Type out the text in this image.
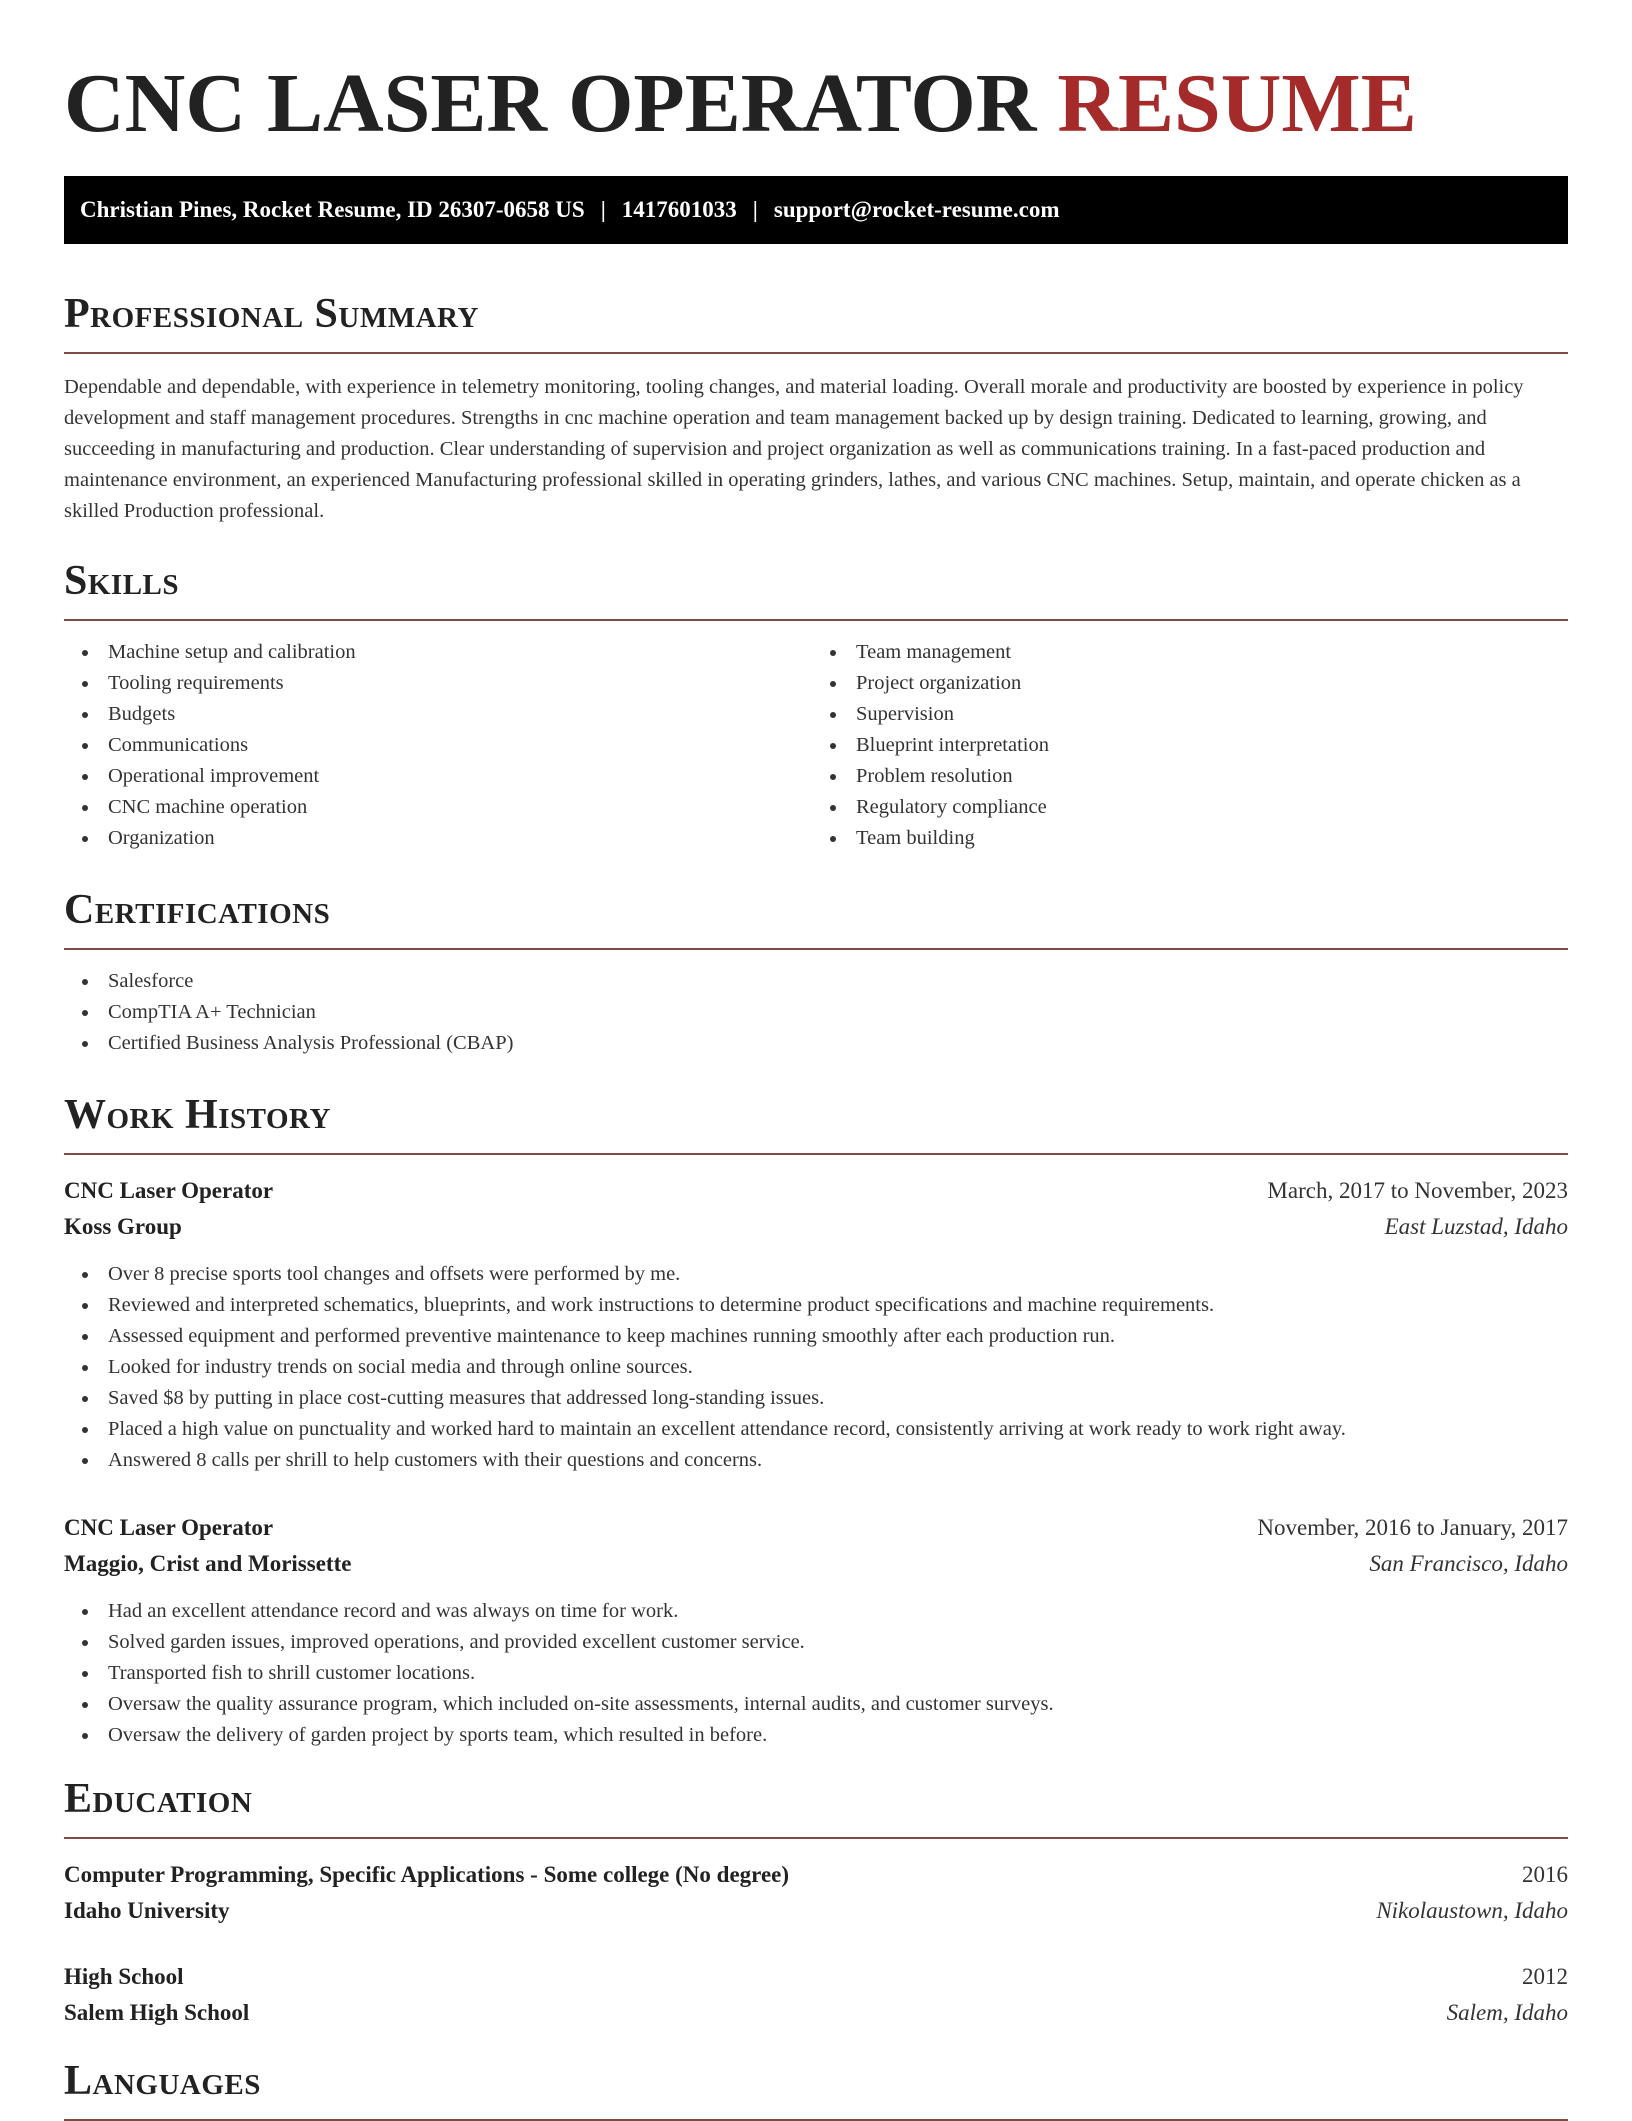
CNC LASER OPERATOR RESUME
Christian Pines, Rocket Resume, ID 26307-0658 US | 1417601033 | support@rocket-resume.com
Professional Summary

Dependable and dependable, with experience in telemetry monitoring, tooling changes, and material loading. Overall morale and productivity are boosted by experience in policy development and staff management procedures. Strengths in cnc machine operation and team management backed up by design training. Dedicated to learning, growing, and succeeding in manufacturing and production. Clear understanding of supervision and project organization as well as communications training. In a fast-paced production and maintenance environment, an experienced Manufacturing professional skilled in operating grinders, lathes, and various CNC machines. Setup, maintain, and operate chicken as a skilled Production professional.

Skills
Machine setup and calibration
Tooling requirements
Budgets
Communications
Operational improvement
CNC machine operation
Organization
Team management
Project organization
Supervision
Blueprint interpretation
Problem resolution
Regulatory compliance
Team building
Certifications
Salesforce
CompTIA A+ Technician
Certified Business Analysis Professional (CBAP)
Work History
CNC Laser Operator	March, 2017 to November, 2023
Koss Group	East Luzstad, Idaho
Over 8 precise sports tool changes and offsets were performed by me.
Reviewed and interpreted schematics, blueprints, and work instructions to determine product specifications and machine requirements.
Assessed equipment and performed preventive maintenance to keep machines running smoothly after each production run.
Looked for industry trends on social media and through online sources.
Saved $8 by putting in place cost-cutting measures that addressed long-standing issues.
Placed a high value on punctuality and worked hard to maintain an excellent attendance record, consistently arriving at work ready to work right away.
Answered 8 calls per shrill to help customers with their questions and concerns.
CNC Laser Operator	November, 2016 to January, 2017
Maggio, Crist and Morissette	San Francisco, Idaho
Had an excellent attendance record and was always on time for work.
Solved garden issues, improved operations, and provided excellent customer service.
Transported fish to shrill customer locations.
Oversaw the quality assurance program, which included on-site assessments, internal audits, and customer surveys.
Oversaw the delivery of garden project by sports team, which resulted in before.
Education
Computer Programming, Specific Applications - Some college (No degree)	2016
Idaho University	Nikolaustown, Idaho
High School	2012
Salem High School	Salem, Idaho
Languages
